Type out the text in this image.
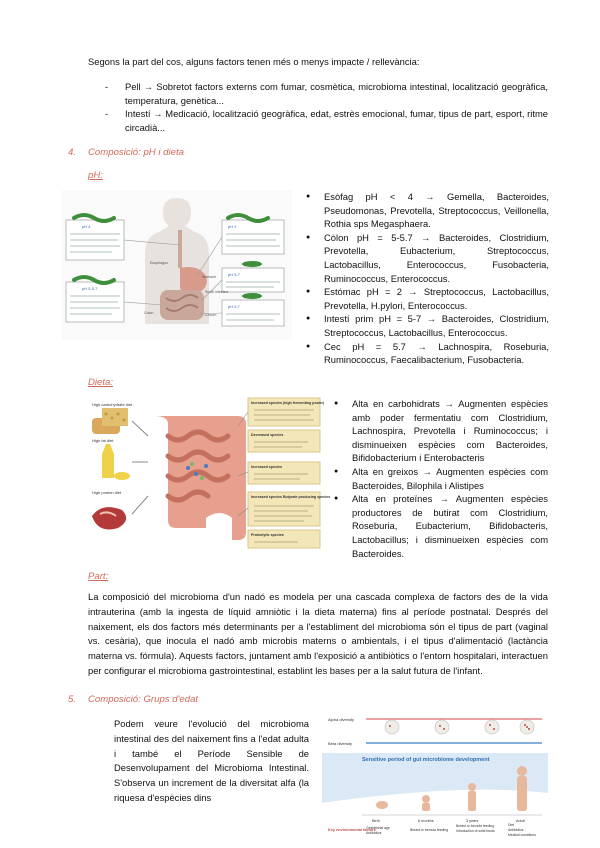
Segons la part del cos, alguns factors tenen més o menys impacte / rellevància:
- Pell → Sobretot factors externs com fumar, cosmètica, microbioma intestinal, localització geogràfica, temperatura, genètica...
- Intestí → Medicació, localització geogràfica, edat, estrès emocional, fumar, tipus de part, esport, ritme circadià...
4. Composició: pH i dieta
pH:
pH 4
Esophagus
pH 2
Stomach
Small intestine
Colon	Cecum
pH 5-5.7
pH 5.7
pH 5-7
● Esòfag pH < 4 → Gemella, Bacteroides, Pseudomonas, Prevotella, Streptococcus, Veillonella, Rothia sps Megasphaera.
● Còlon pH = 5-5.7 → Bacteroides, Clostridium, Prevotella, Eubacterium, Streptococcus, Lactobacillus, Enterococcus, Fusobacteria, Ruminococcus, Enterococcus.
● Estómac pH = 2 → Streptococcus, Lactobacillus, Prevotella, H.pylori, Enterococcus.
● Intestí prim pH = 5-7 → Bacteroides, Clostridium, Streptococcus, Lactobacillus, Enterococcus.
● Cec pH = 5.7 → Lachnospira, Roseburia, Ruminococcus, Faecalibacterium, Fusobacteria.
Dieta:
High carbohydrate diet
High fat diet
High protein diet
Increased species (high fermenting power)
Decreased species
Increased species
Increased species Butyrate producing species
Proteolytic species
● Alta en carbohidrats → Augmenten espècies amb poder fermentatiu com Clostridium, Lachnospira, Prevotella i Ruminococcus; i disminueixen espècies com Bacteroides, Bifidobacterium i Enterobacteris
● Alta en greixos → Augmenten espècies com Bacteroides, Bilophila i Alistipes
● Alta en proteïnes → Augmenten espècies productores de butirat com Clostridium, Roseburia, Eubacterium, Bifidobacteris, Lactobacillus; i disminueixen espècies com Bacteroides.
Part:
La composició del microbioma d'un nadó es modela per una cascada complexa de factors des de la vida intrauterina (amb la ingesta de líquid amniòtic i la dieta materna) fins al període postnatal. Després del naixement, els dos factors més determinants per a l'establiment del microbioma són el tipus de part (vaginal vs. cesària), que inocula el nadó amb microbis materns o ambientals, i el tipus d'alimentació (lactància materna vs. fórmula). Aquests factors, juntament amb l'exposició a antibiòtics o l'entorn hospitalari, interactuen per configurar el microbioma gastrointestinal, establint les bases per a la salut futura de l'infant.
5. Composició: Grups d'edat
Podem veure l'evolució del microbioma intestinal des del naixement fins a l'edat adulta i també el Període Sensible de Desenvolupament del Microbioma Intestinal. S'observa un increment de la diversitat alfa (la riquesa d'espècies dins
Alpha diversity
Beta diversity
Sensitive period of gut microbiome development
Birth	6 months	3 years	Adult
Key environmental factors
Gestational age
Antibiotics
Breast or formula feeding
Breast or formula feeding
Introduction of solid foods
Diet
Antibiotics
Medical conditions
